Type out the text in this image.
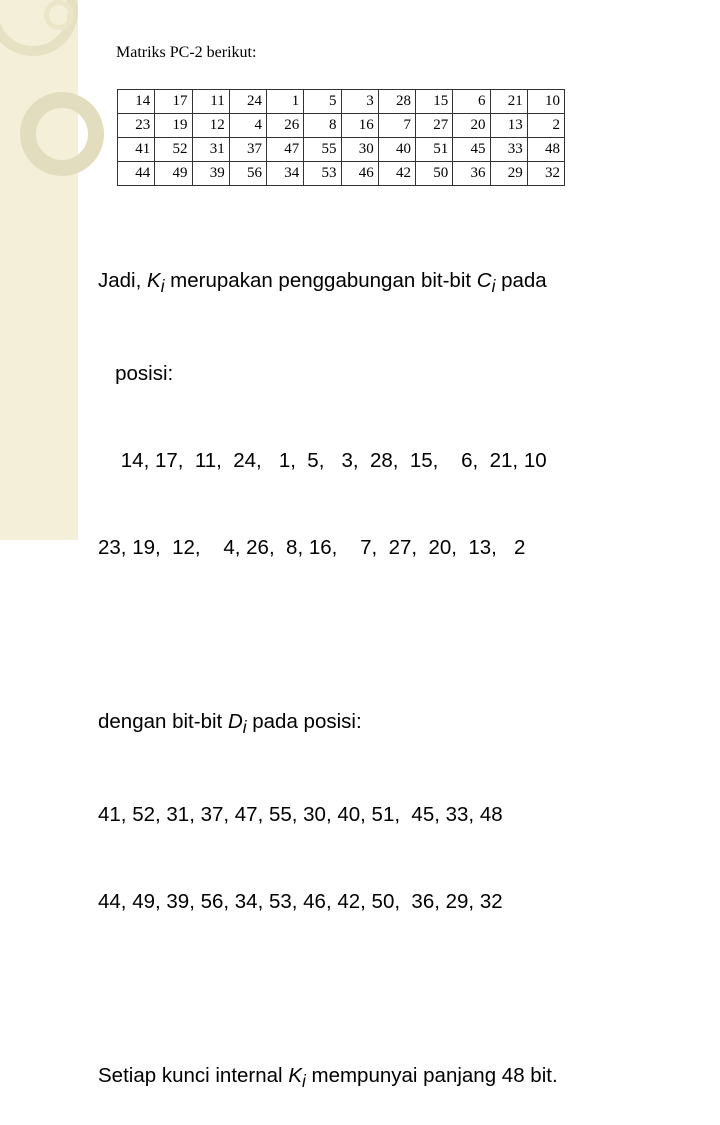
Matriks PC-2 berikut:
14	17	11	24	1	5	3	28	15	6	21	10
23	19	12	4	26	8	16	7	27	20	13	2
41	52	31	37	47	55	30	40	51	45	33	48
44	49	39	56	34	53	46	42	50	36	29	32

Jadi, $K_i$ merupakan penggabungan bit-bit $C_i$ pada

posisi:

14, 17,  11,  24,   1,  5,   3,  28,  15,    6,  21, 10

23, 19,  12,    4, 26,  8, 16,    7,  27,  20,  13,   2

dengan bit-bit $D_i$ pada posisi:

41, 52, 31, 37, 47, 55, 30, 40, 51,  45, 33, 48

44, 49, 39, 56, 34, 53, 46, 42, 50,  36, 29, 32

Setiap kunci internal $K_i$ mempunyai panjang 48 bit.
